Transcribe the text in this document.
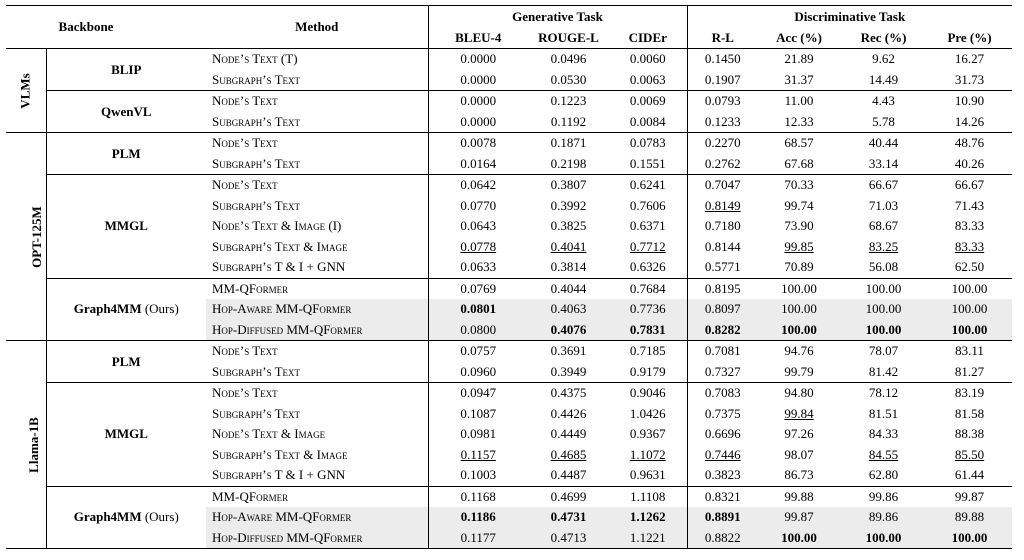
Backbone		Method	Generative Task			Discriminative Task			
			BLEU-4	ROUGE-L	CIDEr	R-L	Acc (%)	Rec (%)	Pre (%)
VLMs	BLIP	Node’s Text (T)	0.0000	0.0496	0.0060	0.1450	21.89	9.62	16.27
		Subgraph’s Text	0.0000	0.0530	0.0063	0.1907	31.37	14.49	31.73
	QwenVL	Node’s Text	0.0000	0.1223	0.0069	0.0793	11.00	4.43	10.90
		Subgraph’s Text	0.0000	0.1192	0.0084	0.1233	12.33	5.78	14.26
OPT-125M	PLM	Node’s Text	0.0078	0.1871	0.0783	0.2270	68.57	40.44	48.76
		Subgraph’s Text	0.0164	0.2198	0.1551	0.2762	67.68	33.14	40.26
	MMGL	Node’s Text	0.0642	0.3807	0.6241	0.7047	70.33	66.67	66.67
		Subgraph’s Text	0.0770	0.3992	0.7606	0.8149	99.74	71.03	71.43
		Node’s Text & Image (I)	0.0643	0.3825	0.6371	0.7180	73.90	68.67	83.33
		Subgraph’s Text & Image	0.0778	0.4041	0.7712	0.8144	99.85	83.25	83.33
		Subgraph’s T & I + GNN	0.0633	0.3814	0.6326	0.5771	70.89	56.08	62.50
	Graph4MM (Ours)	MM-QFormer	0.0769	0.4044	0.7684	0.8195	100.00	100.00	100.00
		Hop-Aware MM-QFormer	0.0801	0.4063	0.7736	0.8097	100.00	100.00	100.00
		Hop-Diffused MM-QFormer	0.0800	0.4076	0.7831	0.8282	100.00	100.00	100.00
Llama-1B	PLM	Node’s Text	0.0757	0.3691	0.7185	0.7081	94.76	78.07	83.11
		Subgraph’s Text	0.0960	0.3949	0.9179	0.7327	99.79	81.42	81.27
	MMGL	Node’s Text	0.0947	0.4375	0.9046	0.7083	94.80	78.12	83.19
		Subgraph’s Text	0.1087	0.4426	1.0426	0.7375	99.84	81.51	81.58
		Node’s Text & Image	0.0981	0.4449	0.9367	0.6696	97.26	84.33	88.38
		Subgraph’s Text & Image	0.1157	0.4685	1.1072	0.7446	98.07	84.55	85.50
		Subgraph’s T & I + GNN	0.1003	0.4487	0.9631	0.3823	86.73	62.80	61.44
	Graph4MM (Ours)	MM-QFormer	0.1168	0.4699	1.1108	0.8321	99.88	99.86	99.87
		Hop-Aware MM-QFormer	0.1186	0.4731	1.1262	0.8891	99.87	89.86	89.88
		Hop-Diffused MM-QFormer	0.1177	0.4713	1.1221	0.8822	100.00	100.00	100.00
